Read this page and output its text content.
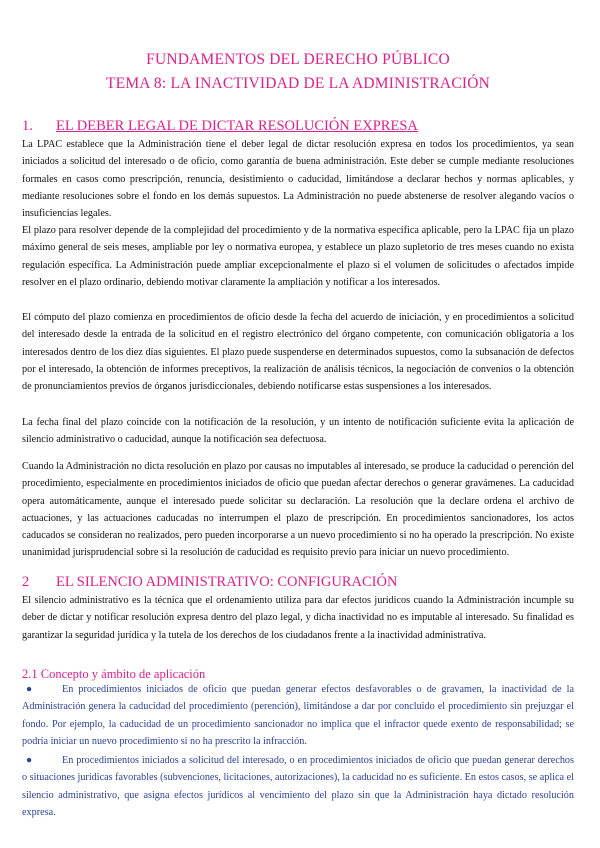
FUNDAMENTOS DEL DERECHO PÚBLICO
TEMA 8: LA INACTIVIDAD DE LA ADMINISTRACIÓN
1. EL DEBER LEGAL DE DICTAR RESOLUCIÓN EXPRESA

La LPAC establece que la Administración tiene el deber legal de dictar resolución expresa en todos los procedimientos, ya sean iniciados a solicitud del interesado o de oficio, como garantía de buena administración. Este deber se cumple mediante resoluciones formales en casos como prescripción, renuncia, desistimiento o caducidad, limitándose a declarar hechos y normas aplicables, y mediante resoluciones sobre el fondo en los demás supuestos. La Administración no puede abstenerse de resolver alegando vacíos o insuficiencias legales.

El plazo para resolver depende de la complejidad del procedimiento y de la normativa específica aplicable, pero la LPAC fija un plazo máximo general de seis meses, ampliable por ley o normativa europea, y establece un plazo supletorio de tres meses cuando no exista regulación específica. La Administración puede ampliar excepcionalmente el plazo si el volumen de solicitudes o afectados impide resolver en el plazo ordinario, debiendo motivar claramente la ampliación y notificar a los interesados.

El cómputo del plazo comienza en procedimientos de oficio desde la fecha del acuerdo de iniciación, y en procedimientos a solicitud del interesado desde la entrada de la solicitud en el registro electrónico del órgano competente, con comunicación obligatoria a los interesados dentro de los diez días siguientes. El plazo puede suspenderse en determinados supuestos, como la subsanación de defectos por el interesado, la obtención de informes preceptivos, la realización de análisis técnicos, la negociación de convenios o la obtención de pronunciamientos previos de órganos jurisdiccionales, debiendo notificarse estas suspensiones a los interesados.

La fecha final del plazo coincide con la notificación de la resolución, y un intento de notificación suficiente evita la aplicación de silencio administrativo o caducidad, aunque la notificación sea defectuosa.

Cuando la Administración no dicta resolución en plazo por causas no imputables al interesado, se produce la caducidad o perención del procedimiento, especialmente en procedimientos iniciados de oficio que puedan afectar derechos o generar gravámenes. La caducidad opera automáticamente, aunque el interesado puede solicitar su declaración. La resolución que la declare ordena el archivo de actuaciones, y las actuaciones caducadas no interrumpen el plazo de prescripción. En procedimientos sancionadores, los actos caducados se consideran no realizados, pero pueden incorporarse a un nuevo procedimiento si no ha operado la prescripción. No existe unanimidad jurisprudencial sobre si la resolución de caducidad es requisito previo para iniciar un nuevo procedimiento.

2 EL SILENCIO ADMINISTRATIVO: CONFIGURACIÓN

El silencio administrativo es la técnica que el ordenamiento utiliza para dar efectos jurídicos cuando la Administración incumple su deber de dictar y notificar resolución expresa dentro del plazo legal, y dicha inactividad no es imputable al interesado. Su finalidad es garantizar la seguridad jurídica y la tutela de los derechos de los ciudadanos frente a la inactividad administrativa.

2.1 Concepto y ámbito de aplicación

●	En procedimientos iniciados de oficio que puedan generar efectos desfavorables o de gravamen, la inactividad de la Administración genera la caducidad del procedimiento (perención), limitándose a dar por concluido el procedimiento sin prejuzgar el fondo. Por ejemplo, la caducidad de un procedimiento sancionador no implica que el infractor quede exento de responsabilidad; se podría iniciar un nuevo procedimiento si no ha prescrito la infracción.

●	En procedimientos iniciados a solicitud del interesado, o en procedimientos iniciados de oficio que puedan generar derechos o situaciones jurídicas favorables (subvenciones, licitaciones, autorizaciones), la caducidad no es suficiente. En estos casos, se aplica el silencio administrativo, que asigna efectos jurídicos al vencimiento del plazo sin que la Administración haya dictado resolución expresa.
